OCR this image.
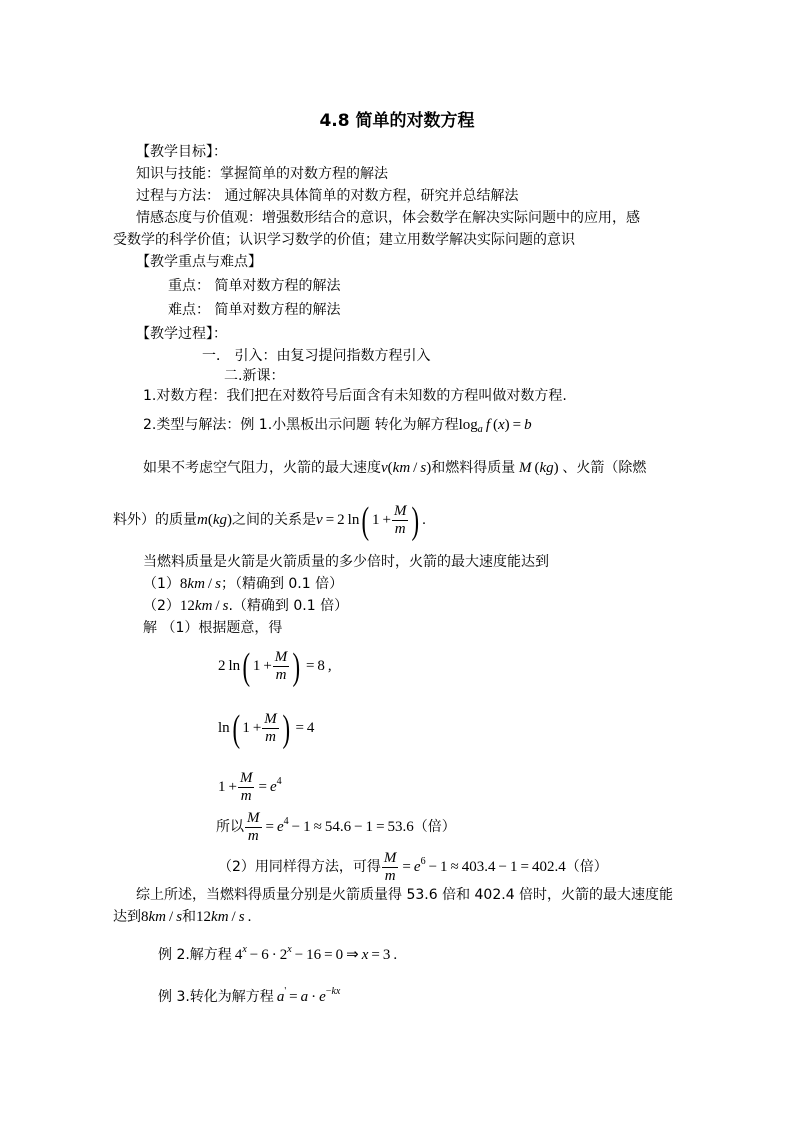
4.8 简单的对数方程
【教学目标】：
知识与技能：掌握简单的对数方程的解法
过程与方法： 通过解决具体简单的对数方程，研究并总结解法
情感态度与价值观：增强数形结合的意识，体会数学在解决实际问题中的应用，感
受数学的科学价值；认识学习数学的价值；建立用数学解决实际问题的意识
【教学重点与难点】
重点： 简单对数方程的解法
难点： 简单对数方程的解法
【教学过程】：
一． 引入：由复习提问指数方程引入
二.新课：
1.对数方程：我们把在对数符号后面含有未知数的方程叫做对数方程.
2.类型与解法：例 1.小黑板出示问题 转化为解方程$\log_a f$ (x) = b
如果不考虑空气阻力，火箭的最大速度v(km / s)和燃料得质量 M (kg) 、火箭（除燃
料外）的质量m(kg)之间的关系是v = 2 ln( $1 + \frac{M}{m}$ ) .
当燃料质量是火箭是火箭质量的多少倍时，火箭的最大速度能达到
（1）8km / s；（精确到 0.1 倍）
（2）12km / s.（精确到 0.1 倍）
解 （1）根据题意，得
2 ln( $1 + \frac{M}{m}$ ) = 8 ,
ln( $1 + \frac{M}{m}$ ) = 4
$1 + \frac{M}{m} = e^4$
所以 $\frac{M}{m} = e^4 - 1 \approx 54.6 - 1 = 53.6$（倍）
（2）用同样得方法，可得 $\frac{M}{m} = e^6 - 1 \approx 403.4 - 1 = 402.4$（倍）
综上所述，当燃料得质量分别是火箭质量得 53.6 倍和 402.4 倍时，火箭的最大速度能
达到8km / s和12km / s .
例 2.解方程 $4^x - 6 \cdot 2^x - 16 = 0$ ⇒ x = 3 .
例 3.转化为解方程  $a' = a \cdot e^{-kx}$
